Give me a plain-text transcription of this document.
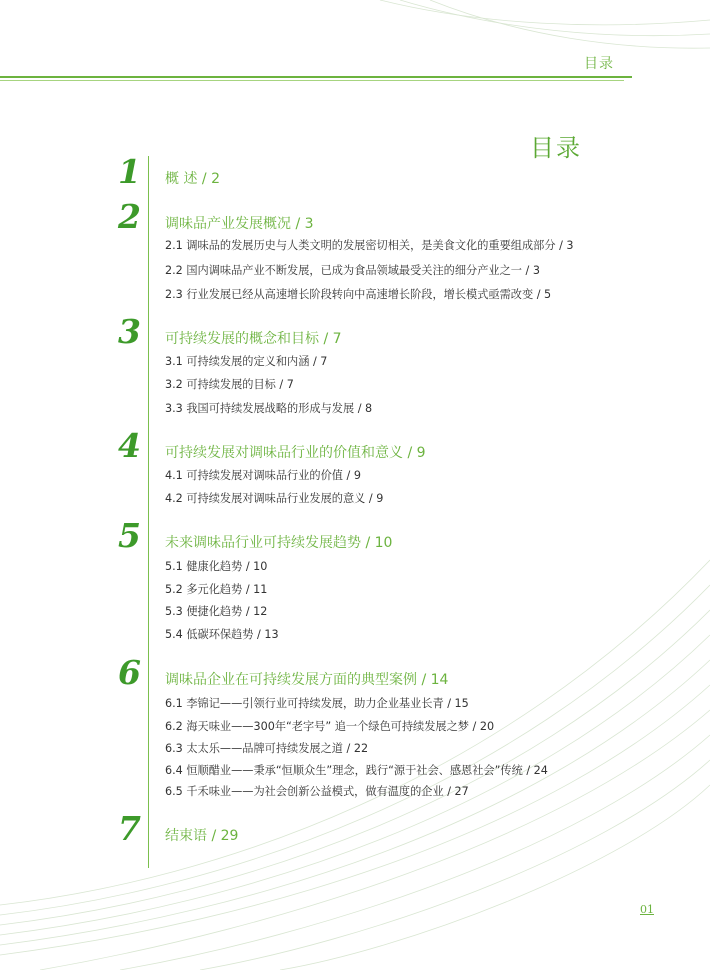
目录
目录
1 概 述 / 2
2 调味品产业发展概况 / 3
2.1 调味品的发展历史与人类文明的发展密切相关，是美食文化的重要组成部分 / 3
2.2 国内调味品产业不断发展，已成为食品领域最受关注的细分产业之一 / 3
2.3 行业发展已经从高速增长阶段转向中高速增长阶段，增长模式亟需改变 / 5
3 可持续发展的概念和目标 / 7
3.1 可持续发展的定义和内涵 / 7
3.2 可持续发展的目标 / 7
3.3 我国可持续发展战略的形成与发展 / 8
4 可持续发展对调味品行业的价值和意义 / 9
4.1 可持续发展对调味品行业的价值 / 9
4.2 可持续发展对调味品行业发展的意义 / 9
5 未来调味品行业可持续发展趋势 / 10
5.1 健康化趋势 / 10
5.2 多元化趋势 / 11
5.3 便捷化趋势 / 12
5.4 低碳环保趋势 / 13
6 调味品企业在可持续发展方面的典型案例 / 14
6.1 李锦记——引领行业可持续发展，助力企业基业长青 / 15
6.2 海天味业——300年“老字号” 追一个绿色可持续发展之梦 / 20
6.3 太太乐——品牌可持续发展之道 / 22
6.4 恒顺醋业——秉承“恒顺众生”理念，践行“源于社会、感恩社会”传统 / 24
6.5 千禾味业——为社会创新公益模式，做有温度的企业 / 27
7 结束语 / 29
01
